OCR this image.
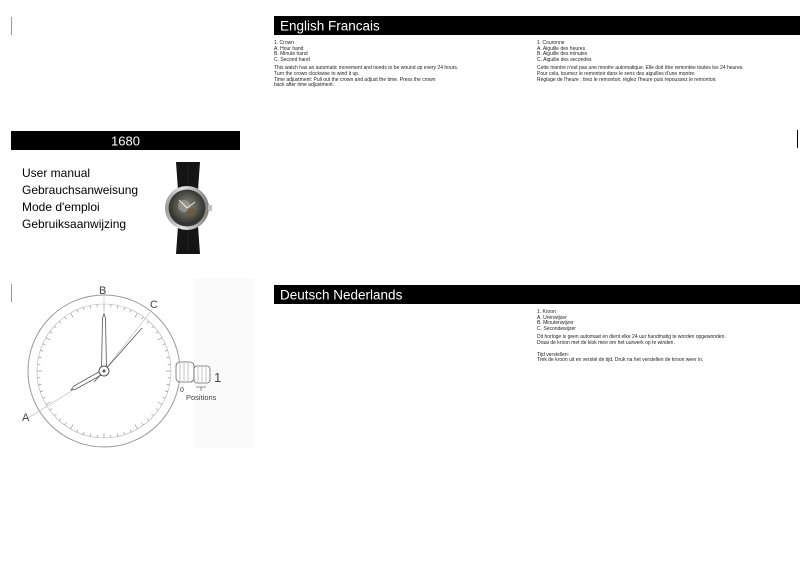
English Francais
1. Crown
A. Hour hand
B. Minute hand
C. Second hand
This watch has an automatic movement and needs to be wound up every 24 hours.
Turn the crown clockwise to wind it up.
Time adjustment: Pull out the crown and adjust the time. Press the crown
back after time adjustment.
1. Couronne
A. Aiguille des heures
B. Aiguille des minutes
C. Aiguille des secondes
Cette montre n'est pas une montre automatique. Elle doit être remontée toutes les 24 heures.
Pour cela, tournez le remontoir dans le sens des aiguilles d'une montre.
Réglage de l'heure : tirez le remontoir, réglez l'heure puis repoussez le remontoir.
1680
User manual
Gebrauchsanweisung
Mode d'emploi
Gebruiksaanwijzing
Deutsch Nederlands
1. Kroon
A. Urenwijzer
B. Minutenwijzer
C. Secondewijzer
Dit horloge is geen automaat en dient elke 24 uur handmatig te worden opgewonden.
Draai de kroon met de klok mee om het uurwerk op te winden.
Tijd verstellen:
Trek de kroon uit en verstel de tijd. Druk na het verstellen de kroon weer in.
A
B
C
0
1
Positions
